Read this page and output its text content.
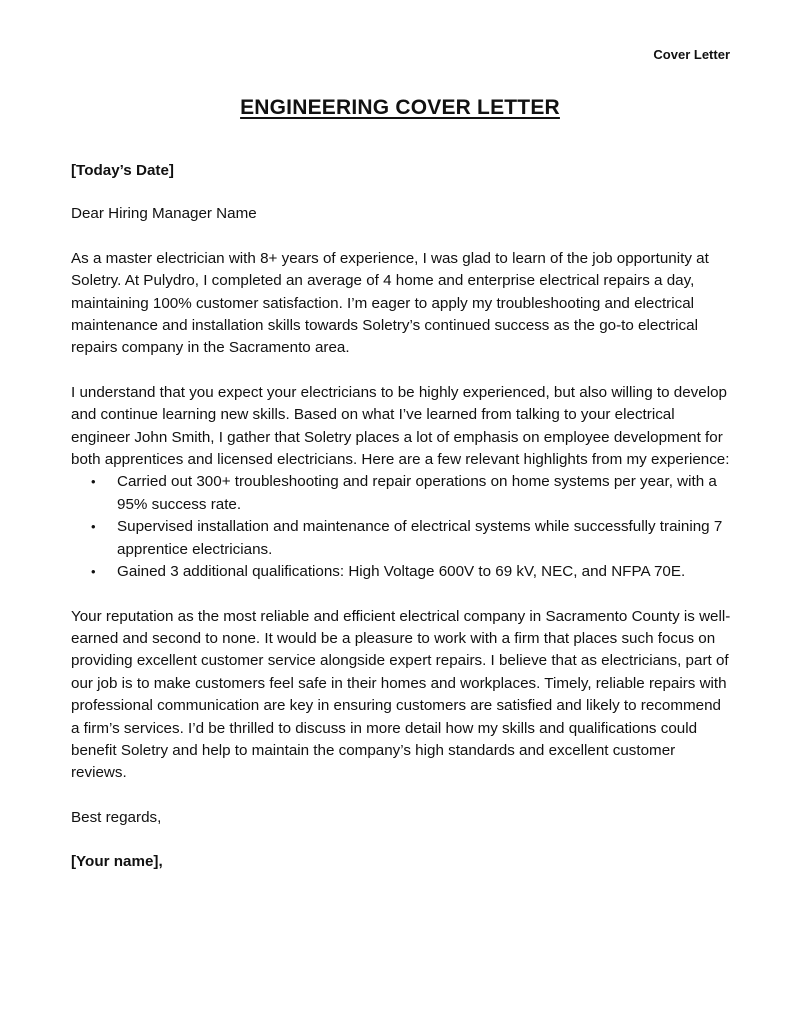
Cover Letter
ENGINEERING COVER LETTER

[Today’s Date]

Dear Hiring Manager Name

As a master electrician with 8+ years of experience, I was glad to learn of the job opportunity at Soletry. At Pulydro, I completed an average of 4 home and enterprise electrical repairs a day, maintaining 100% customer satisfaction. I’m eager to apply my troubleshooting and electrical maintenance and installation skills towards Soletry’s continued success as the go-to electrical repairs company in the Sacramento area.

I understand that you expect your electricians to be highly experienced, but also willing to develop and continue learning new skills. Based on what I’ve learned from talking to your electrical engineer John Smith, I gather that Soletry places a lot of emphasis on employee development for both apprentices and licensed electricians. Here are a few relevant highlights from my experience:

• Carried out 300+ troubleshooting and repair operations on home systems per year, with a 95% success rate.
• Supervised installation and maintenance of electrical systems while successfully training 7 apprentice electricians.
• Gained 3 additional qualifications: High Voltage 600V to 69 kV, NEC, and NFPA 70E.

Your reputation as the most reliable and efficient electrical company in Sacramento County is well-earned and second to none. It would be a pleasure to work with a firm that places such focus on providing excellent customer service alongside expert repairs. I believe that as electricians, part of our job is to make customers feel safe in their homes and workplaces. Timely, reliable repairs with professional communication are key in ensuring customers are satisfied and likely to recommend a firm’s services. I’d be thrilled to discuss in more detail how my skills and qualifications could benefit Soletry and help to maintain the company’s high standards and excellent customer reviews.

Best regards,

[Your name],
